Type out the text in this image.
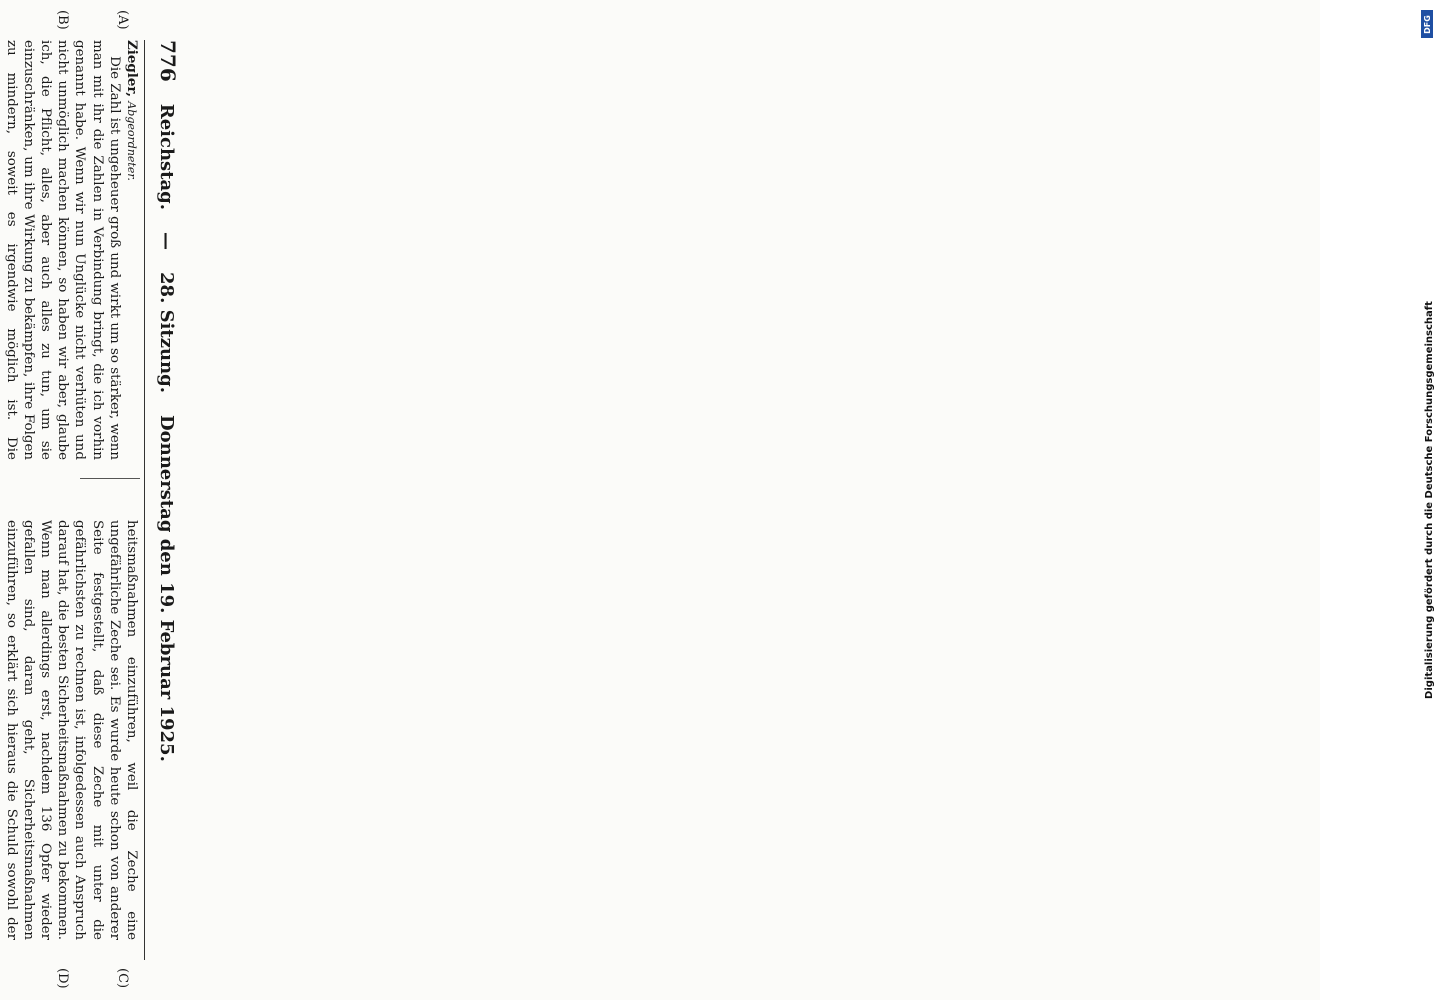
776
Reichstag.
—
28. Sitzung.
Donnerstag den 19. Februar 1925.
(A)
(B)
(C)
(D)

Ziegler, Abgeordneter.

Die Zahl ist ungeheuer groß und wirkt um so stärker, wenn man mit ihr die Zahlen in Verbindung bringt, die ich vorhin genannt habe. Wenn wir nun Unglücke nicht verhüten und nicht unmöglich machen können, so haben wir aber, glaube ich, die Pflicht, alles, aber auch alles zu tun, um sie einzuschränken, um ihre Wirkung zu bekämpfen, ihre Folgen zu mindern, soweit es irgendwie möglich ist. Die

heitsmaßnahmen einzuführen, weil die Zeche eine ungefährliche Zeche sei. Es wurde heute schon von anderer Seite festgestellt, daß diese Zeche mit unter die gefährlichsten zu rechnen ist, infolgedessen auch Anspruch darauf hat, die besten Sicherheitsmaßnahmen zu bekommen. Wenn man allerdings erst, nachdem 136 Opfer wieder gefallen sind, daran geht, Sicherheitsmaßnahmen einzuführen, so erklärt sich hieraus die Schuld sowohl der

DFG
Digitalisierung gefördert durch die Deutsche Forschungsgemeinschaft
